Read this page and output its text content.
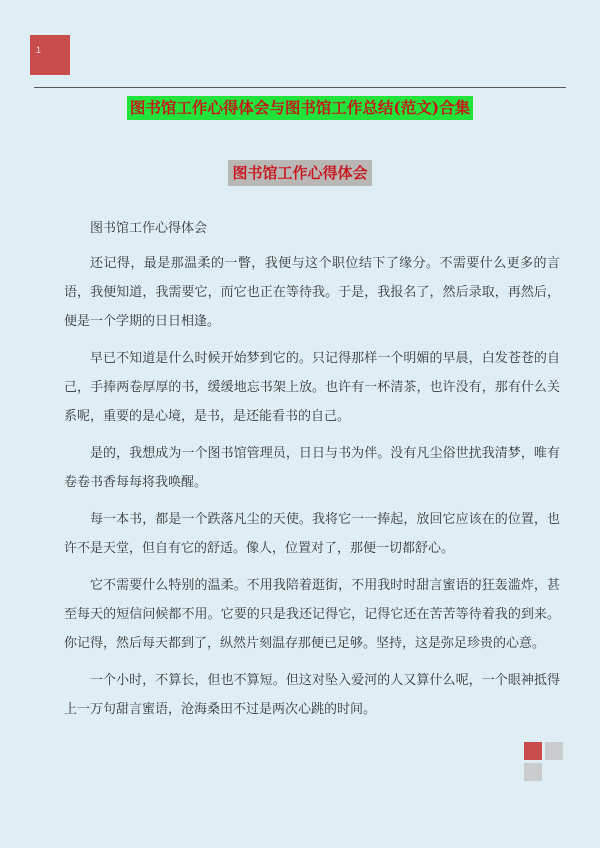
1
图书馆工作心得体会与图书馆工作总结(范文)合集
图书馆工作心得体会

图书馆工作心得体会

还记得，最是那温柔的一瞥，我便与这个职位结下了缘分。不需要什么更多的言语，我便知道，我需要它，而它也正在等待我。于是，我报名了，然后录取，再然后，便是一个学期的日日相逢。

早已不知道是什么时候开始梦到它的。只记得那样一个明媚的早晨，白发苍苍的自己，手捧两卷厚厚的书，缓缓地忘书架上放。也许有一杯清茶，也许没有，那有什么关系呢，重要的是心境，是书，是还能看书的自己。

是的，我想成为一个图书馆管理员，日日与书为伴。没有凡尘俗世扰我清梦，唯有卷卷书香每每将我唤醒。

每一本书，都是一个跌落凡尘的天使。我将它一一捧起，放回它应该在的位置，也许不是天堂，但自有它的舒适。像人，位置对了，那便一切都舒心。

它不需要什么特别的温柔。不用我陪着逛街，不用我时时甜言蜜语的狂轰滥炸，甚至每天的短信问候都不用。它要的只是我还记得它，记得它还在苦苦等待着我的到来。你记得，然后每天都到了，纵然片刻温存那便已足够。坚持，这是弥足珍贵的心意。

一个小时，不算长，但也不算短。但这对坠入爱河的人又算什么呢，一个眼神抵得上一万句甜言蜜语，沧海桑田不过是两次心跳的时间。
